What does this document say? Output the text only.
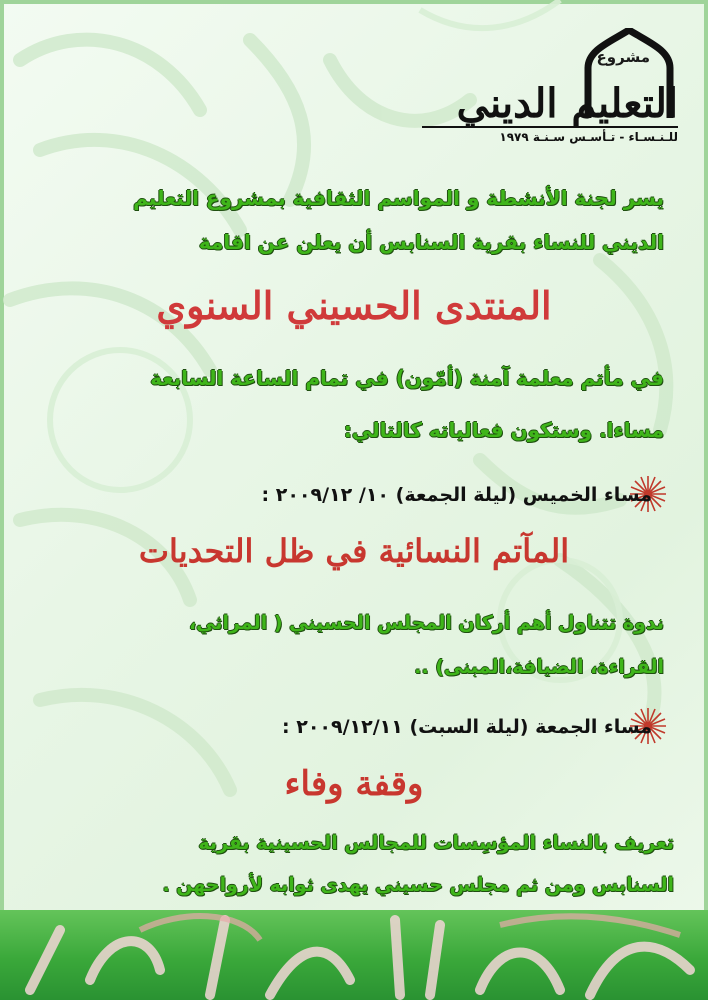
مشروع
التعليم الديني
للـنـسـاء - تـأسـس سـنـة ١٩٧٩
يسر لجنة الأنشطة و المواسم الثقافية بمشروع التعليم
الديني للنساء بقرية السنابس أن يعلن عن اقامة
المنتدى الحسيني السنوي
في مأتم معلمة آمنة (أمّون) في تمام الساعة السابعة
مساءا. وستكون فعالياته كالتالي:
مساء الخميس (ليلة الجمعة) ١٠/ ٢٠٠٩/١٢ :
المآتم النسائية في ظل التحديات
ندوة تتناول أهم أركان المجلس الحسيني ( المراثي،
القراءة، الضيافة،المبنى) ..
مساء الجمعة (ليلة السبت) ٢٠٠٩/١٢/١١ :
وقفة وفاء
تعريف بالنساء المؤسِسات للمجالس الحسينية بقرية
السنابس ومن ثم مجلس حسيني يهدى ثوابه لأرواحهن .
